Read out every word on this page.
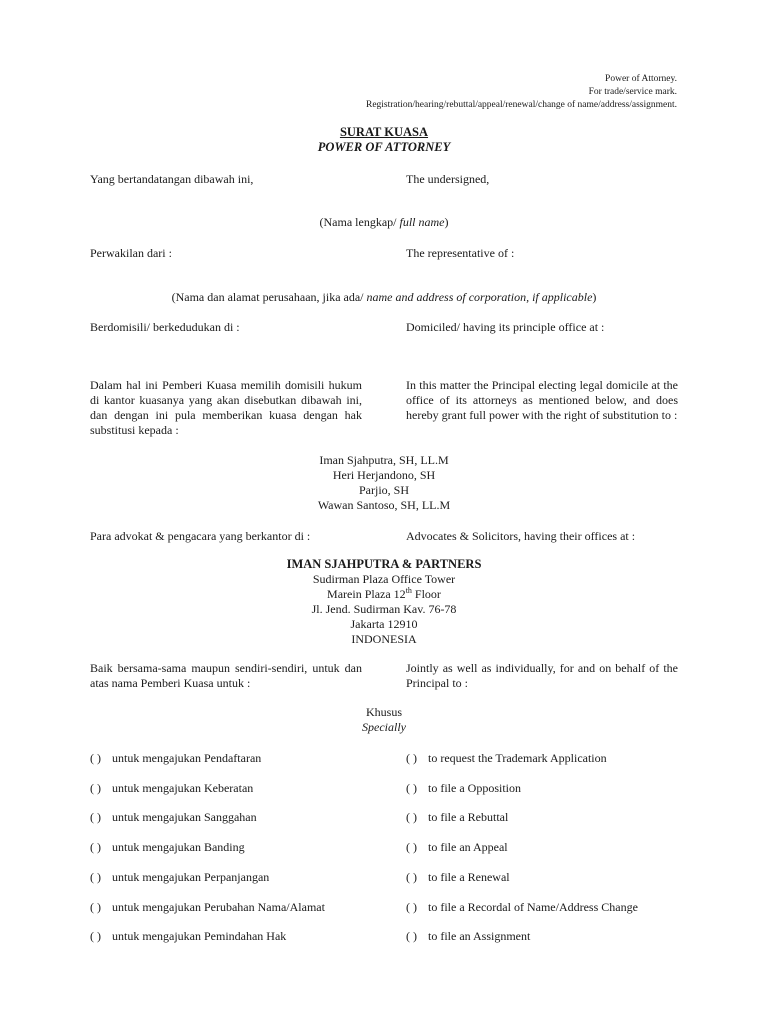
Power of Attorney.
For trade/service mark.
Registration/hearing/rebuttal/appeal/renewal/change of name/address/assignment.
SURAT KUASA
POWER OF ATTORNEY
Yang bertandatangan dibawah ini,	The undersigned,
(Nama lengkap/ full name)
Perwakilan dari :	The representative of :
(Nama dan alamat perusahaan, jika ada/ name and address of corporation, if applicable)
Berdomisili/ berkedudukan di :	Domiciled/ having its principle office at :
Dalam hal ini Pemberi Kuasa memilih domisili hukum di kantor kuasanya yang akan disebutkan dibawah ini, dan dengan ini pula memberikan kuasa dengan hak substitusi kepada :
In this matter the Principal electing legal domicile at the office of its attorneys as mentioned below, and does hereby grant full power with the right of substitution to :
Iman Sjahputra, SH, LL.M
Heri Herjandono, SH
Parjio, SH
Wawan Santoso, SH, LL.M
Para advokat & pengacara yang berkantor di :	Advocates & Solicitors, having their offices at :
IMAN SJAHPUTRA & PARTNERS
Sudirman Plaza Office Tower
Marein Plaza 12th Floor
Jl. Jend. Sudirman Kav. 76-78
Jakarta 12910
INDONESIA
Baik bersama-sama maupun sendiri-sendiri, untuk dan atas nama Pemberi Kuasa untuk :
Jointly as well as individually, for and on behalf of the Principal to :
Khusus
Specially
( ) untuk mengajukan Pendaftaran	( ) to request the Trademark Application
( ) untuk mengajukan Keberatan	( ) to file a Opposition
( ) untuk mengajukan Sanggahan	( ) to file a Rebuttal
( ) untuk mengajukan Banding	( ) to file an Appeal
( ) untuk mengajukan Perpanjangan	( ) to file a Renewal
( ) untuk mengajukan Perubahan Nama/Alamat	( ) to file a Recordal of Name/Address Change
( ) untuk mengajukan Pemindahan Hak	( ) to file an Assignment
